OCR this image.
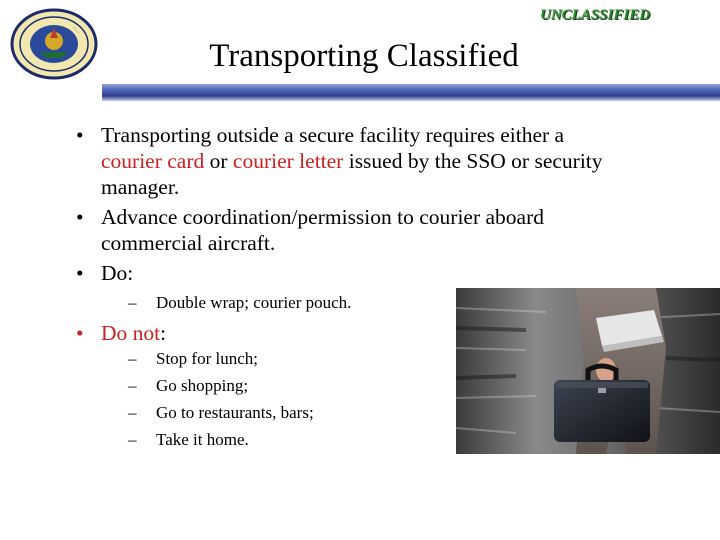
UNCLASSIFIED
·····	·····
Transporting Classified
• Transporting outside a secure facility requires either a
courier card or courier letter issued by the SSO or security
manager.
• Advance coordination/permission to courier aboard
commercial aircraft.
• Do:
– Double wrap; courier pouch.
• Do not:
– Stop for lunch;
– Go shopping;
– Go to restaurants, bars;
– Take it home.
